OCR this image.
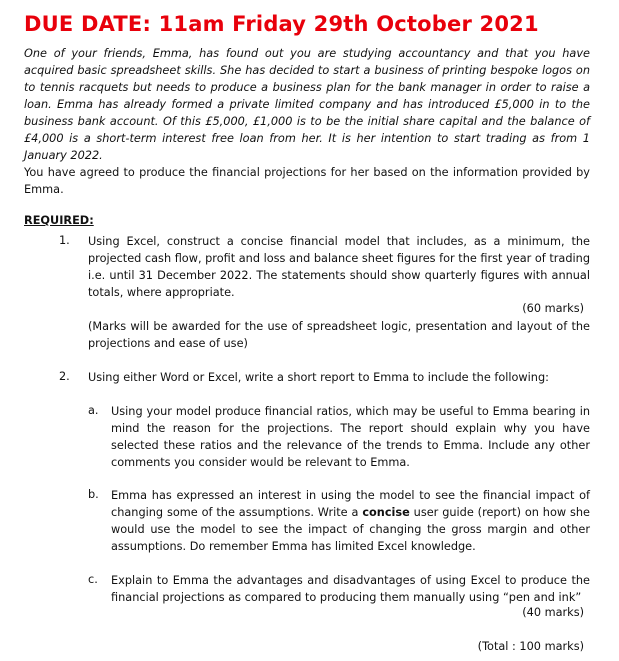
DUE DATE: 11am Friday 29th October 2021
One of your friends, Emma, has found out you are studying accountancy and that you have acquired basic spreadsheet skills. She has decided to start a business of printing bespoke logos on to tennis racquets but needs to produce a business plan for the bank manager in order to raise a loan. Emma has already formed a private limited company and has introduced £5,000 in to the business bank account. Of this £5,000, £1,000 is to be the initial share capital and the balance of £4,000 is a short-term interest free loan from her. It is her intention to start trading as from 1 January 2022.
You have agreed to produce the financial projections for her based on the information provided by Emma.
REQUIRED:
1. Using Excel, construct a concise financial model that includes, as a minimum, the projected cash flow, profit and loss and balance sheet figures for the first year of trading i.e. until 31 December 2022. The statements should show quarterly figures with annual totals, where appropriate.
(60 marks)
(Marks will be awarded for the use of spreadsheet logic, presentation and layout of the projections and ease of use)
2. Using either Word or Excel, write a short report to Emma to include the following:
a. Using your model produce financial ratios, which may be useful to Emma bearing in mind the reason for the projections. The report should explain why you have selected these ratios and the relevance of the trends to Emma. Include any other comments you consider would be relevant to Emma.
b. Emma has expressed an interest in using the model to see the financial impact of changing some of the assumptions. Write a concise user guide (report) on how she would use the model to see the impact of changing the gross margin and other assumptions. Do remember Emma has limited Excel knowledge.
c. Explain to Emma the advantages and disadvantages of using Excel to produce the financial projections as compared to producing them manually using “pen and ink”
(40 marks)
(Total : 100 marks)
